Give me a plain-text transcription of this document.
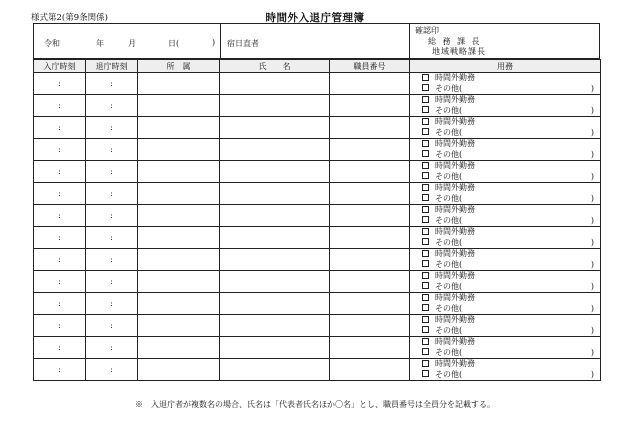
様式第2(第9条関係)	時間外入退庁管理簿
令和	年	月	日(	) 宿日直者
確認印
総 務 課 長
地域戦略課長
入庁時刻	退庁時刻	所　属	氏　　名	職員番号	用務
:	:				時間外勤務
その他( )

:	:				時間外勤務
その他( )

:	:				時間外勤務
その他( )

:	:				時間外勤務
その他( )

:	:				時間外勤務
その他( )

:	:				時間外勤務
その他( )

:	:				時間外勤務
その他( )

:	:				時間外勤務
その他( )

:	:				時間外勤務
その他( )

:	:				時間外勤務
その他( )

:	:				時間外勤務
その他( )

:	:				時間外勤務
その他( )

:	:				時間外勤務
その他( )

:	:				時間外勤務
その他( )
※　入退庁者が複数名の場合、氏名は「代表者氏名ほか〇名」とし、職員番号は全員分を記載する。
